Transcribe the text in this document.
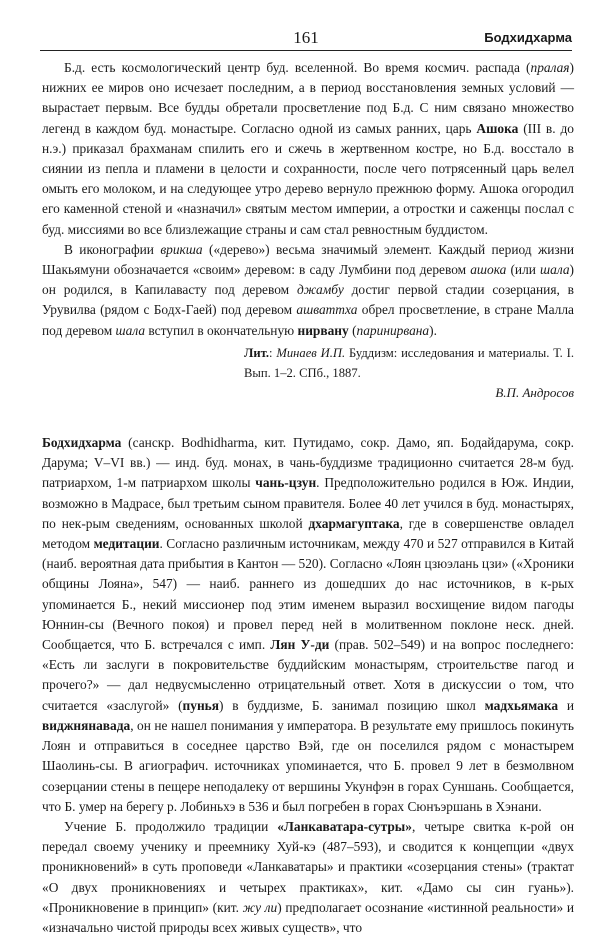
161	Бодхидхарма

Б.д. есть космологический центр буд. вселенной. Во время космич. распада (пралая) нижних ее миров оно исчезает последним, а в период восстановления земных условий — вырастает первым. Все будды обретали просветление под Б.д. С ним связано множество легенд в каждом буд. монастыре. Согласно одной из самых ранних, царь Ашока (III в. до н.э.) приказал брахманам спилить его и сжечь в жертвенном костре, но Б.д. восстало в сиянии из пепла и пламени в целости и сохранности, после чего потрясенный царь велел омыть его молоком, и на следующее утро дерево вернуло прежнюю форму. Ашока огородил его каменной стеной и «назначил» святым местом империи, а отростки и саженцы послал с буд. миссиями во все близлежащие страны и сам стал ревностным буддистом.

В иконографии врикша («дерево») весьма значимый элемент. Каждый период жизни Шакьямуни обозначается «своим» деревом: в саду Лумбини под деревом ашока (или шала) он родился, в Капилавасту под деревом джамбу достиг первой стадии созерцания, в Урувилва (рядом с Бодх-Гаей) под деревом ашваттха обрел просветление, в стране Малла под деревом шала вступил в окончательную нирвану (паринирвана).

Лит.: Минаев И.П. Буддизм: исследования и материалы. Т. I. Вып. 1–2. СПб., 1887.

В.П. Андросов

Бодхидхарма (санскр. Bodhidharma, кит. Путидамо, сокр. Дамо, яп. Бодайдарума, сокр. Дарума; V–VI вв.) — инд. буд. монах, в чань-буддизме традиционно считается 28-м буд. патриархом, 1-м патриархом школы чань-цзун. Предположительно родился в Юж. Индии, возможно в Мадрасе, был третьим сыном правителя. Более 40 лет учился в буд. монастырях, по нек-рым сведениям, основанных школой дхармагуптака, где в совершенстве овладел методом медитации. Согласно различным источникам, между 470 и 527 отправился в Китай (наиб. вероятная дата прибытия в Кантон — 520). Согласно «Лоян цзюэлань цзи» («Хроники общины Лояна», 547) — наиб. раннего из дошедших до нас источников, в к-рых упоминается Б., некий миссионер под этим именем выразил восхищение видом пагоды Юннин-сы (Вечного покоя) и провел перед ней в молитвенном поклоне неск. дней. Сообщается, что Б. встречался с имп. Лян У-ди (прав. 502–549) и на вопрос последнего: «Есть ли заслуги в покровительстве буддийским монастырям, строительстве пагод и прочего?» — дал недвусмысленно отрицательный ответ. Хотя в дискуссии о том, что считается «заслугой» (пунья) в буддизме, Б. занимал позицию школ мадхьямака и виджнянавада, он не нашел понимания у императора. В результате ему пришлось покинуть Лоян и отправиться в соседнее царство Вэй, где он поселился рядом с монастырем Шаолинь-сы. В агиографич. источниках упоминается, что Б. провел 9 лет в безмолвном созерцании стены в пещере неподалеку от вершины Укунфэн в горах Суншань. Сообщается, что Б. умер на берегу р. Лобиньхэ в 536 и был погребен в горах Сюнъэршань в Хэнани.

Учение Б. продолжило традиции «Ланкаватара-сутры», четыре свитка к-рой он передал своему ученику и преемнику Хуй-кэ (487–593), и сводится к концепции «двух проникновений» в суть проповеди «Ланкаватары» и практики «созерцания стены» (трактат «О двух проникновениях и четырех практиках», кит. «Дамо сы син гуань»). «Проникновение в принцип» (кит. жу ли) предполагает осознание «истинной реальности» и «изначально чистой природы всех живых существ», что
